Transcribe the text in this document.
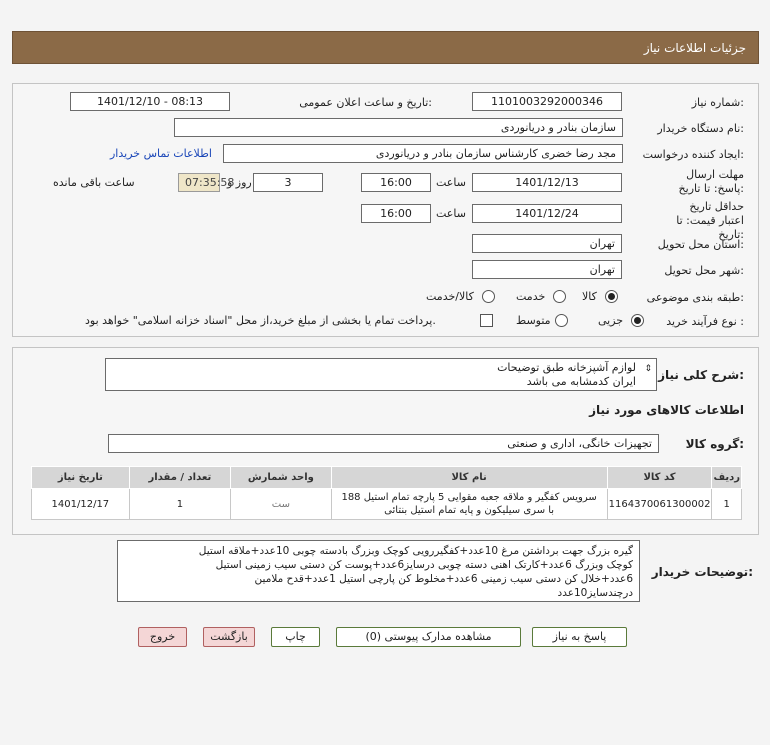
جزئیات اطلاعات نیاز
شماره نیاز:
1101003292000346
تاریخ و ساعت اعلان عمومی:
1401/12/10 - 08:13
نام دستگاه خریدار:
سازمان بنادر و دریانوردی
ایجاد کننده درخواست:
مجد رضا خضری کارشناس سازمان بنادر و دریانوردی
اطلاعات تماس خریدار
مهلت ارسال پاسخ: تا تاریخ:
1401/12/13
ساعت
16:00
3
روز و
07:35:58
ساعت باقی مانده
حداقل تاریخ اعتبار قیمت: تا تاریخ:
1401/12/24
ساعت
16:00
استان محل تحویل:
تهران
شهر محل تحویل:
تهران
طبقه بندی موضوعی:
کالا
خدمت
کالا/خدمت
نوع فرآیند خرید :
جزیی
متوسط
پرداخت تمام یا بخشی از مبلغ خرید،از محل "اسناد خزانه اسلامی" خواهد بود.
شرح کلی نیاز:
⇕
لوازم آشپزخانه طبق توضیحات
ایران کدمشابه می باشد
اطلاعات کالاهای مورد نیاز
گروه کالا:
تجهیزات خانگی، اداری و صنعتی
ردیف	کد کالا	نام کالا	واحد شمارش	تعداد / مقدار	تاریخ نیاز
1	1164370061300002	سرویس کفگیر و ملاقه جعبه مقوایی 5 پارچه تمام استیل 188
با سری سیلیکون و پایه تمام استیل بنتائی	ست	1	1401/12/17
توضیحات خریدار:
گیره بزرگ جهت برداشتن مرغ 10عدد+کفگیررویی کوچک وبزرگ بادسته چوبی 10عدد+ملاقه استیل
کوچک وبزرگ 6عدد+کارتک اهنی دسته چوبی درسایز6عدد+پوست کن دستی سیب زمینی استیل
6عدد+خلال کن دستی سیب زمینی 6عدد+مخلوط کن پارچی استیل 1عدد+قدح ملامین
درچندسایز10عدد
پاسخ به نیاز
مشاهده مدارک پیوستی (0)
چاپ
بازگشت
خروج
